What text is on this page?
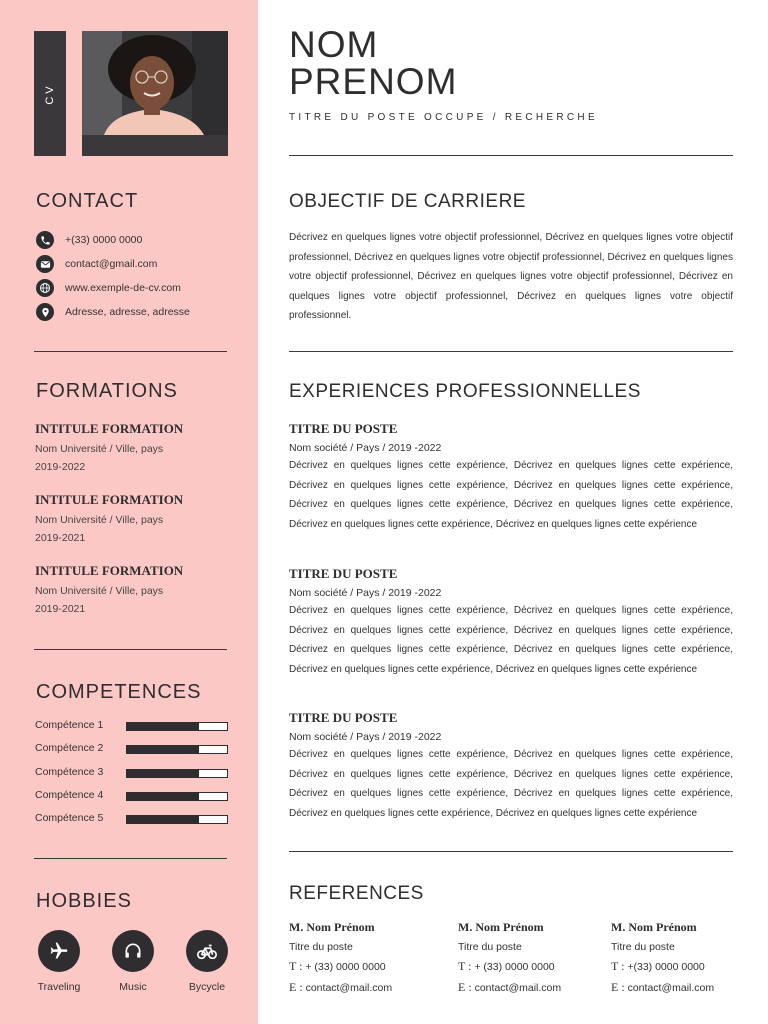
CV
CONTACT
+(33) 0000 0000
contact@gmail.com
www.exemple-de-cv.com
Adresse, adresse, adresse
FORMATIONS
INTITULE FORMATION
Nom Université / Ville, pays
2019-2022
INTITULE FORMATION
Nom Université / Ville, pays
2019-2021
INTITULE FORMATION
Nom Université / Ville, pays
2019-2021
COMPETENCES
Compétence 1
Compétence 2
Compétence 3
Compétence 4
Compétence 5
HOBBIES
Traveling	Music	Bycycle
NOM
PRENOM
TITRE DU POSTE OCCUPE / RECHERCHE
OBJECTIF DE CARRIERE

Décrivez en quelques lignes votre objectif professionnel, Décrivez en quelques lignes votre objectif professionnel, Décrivez en quelques lignes votre objectif professionnel, Décrivez en quelques lignes votre objectif professionnel, Décrivez en quelques lignes votre objectif professionnel, Décrivez en quelques lignes votre objectif professionnel, Décrivez en quelques lignes votre objectif professionnel.

EXPERIENCES PROFESSIONNELLES
TITRE DU POSTE
Nom société / Pays / 2019 -2022
Décrivez en quelques lignes cette expérience, Décrivez en quelques lignes cette expérience, Décrivez en quelques lignes cette expérience, Décrivez en quelques lignes cette expérience, Décrivez en quelques lignes cette expérience, Décrivez en quelques lignes cette expérience, Décrivez en quelques lignes cette expérience, Décrivez en quelques lignes cette expérience
TITRE DU POSTE
Nom société / Pays / 2019 -2022
Décrivez en quelques lignes cette expérience, Décrivez en quelques lignes cette expérience, Décrivez en quelques lignes cette expérience, Décrivez en quelques lignes cette expérience, Décrivez en quelques lignes cette expérience, Décrivez en quelques lignes cette expérience, Décrivez en quelques lignes cette expérience, Décrivez en quelques lignes cette expérience
TITRE DU POSTE
Nom société / Pays / 2019 -2022
Décrivez en quelques lignes cette expérience, Décrivez en quelques lignes cette expérience, Décrivez en quelques lignes cette expérience, Décrivez en quelques lignes cette expérience, Décrivez en quelques lignes cette expérience, Décrivez en quelques lignes cette expérience, Décrivez en quelques lignes cette expérience, Décrivez en quelques lignes cette expérience
REFERENCES
M. Nom Prénom
Titre du poste
T : + (33) 0000 0000
E : contact@mail.com
M. Nom Prénom
Titre du poste
T : + (33) 0000 0000
E : contact@mail.com
M. Nom Prénom
Titre du poste
T : +(33) 0000 0000
E : contact@mail.com
